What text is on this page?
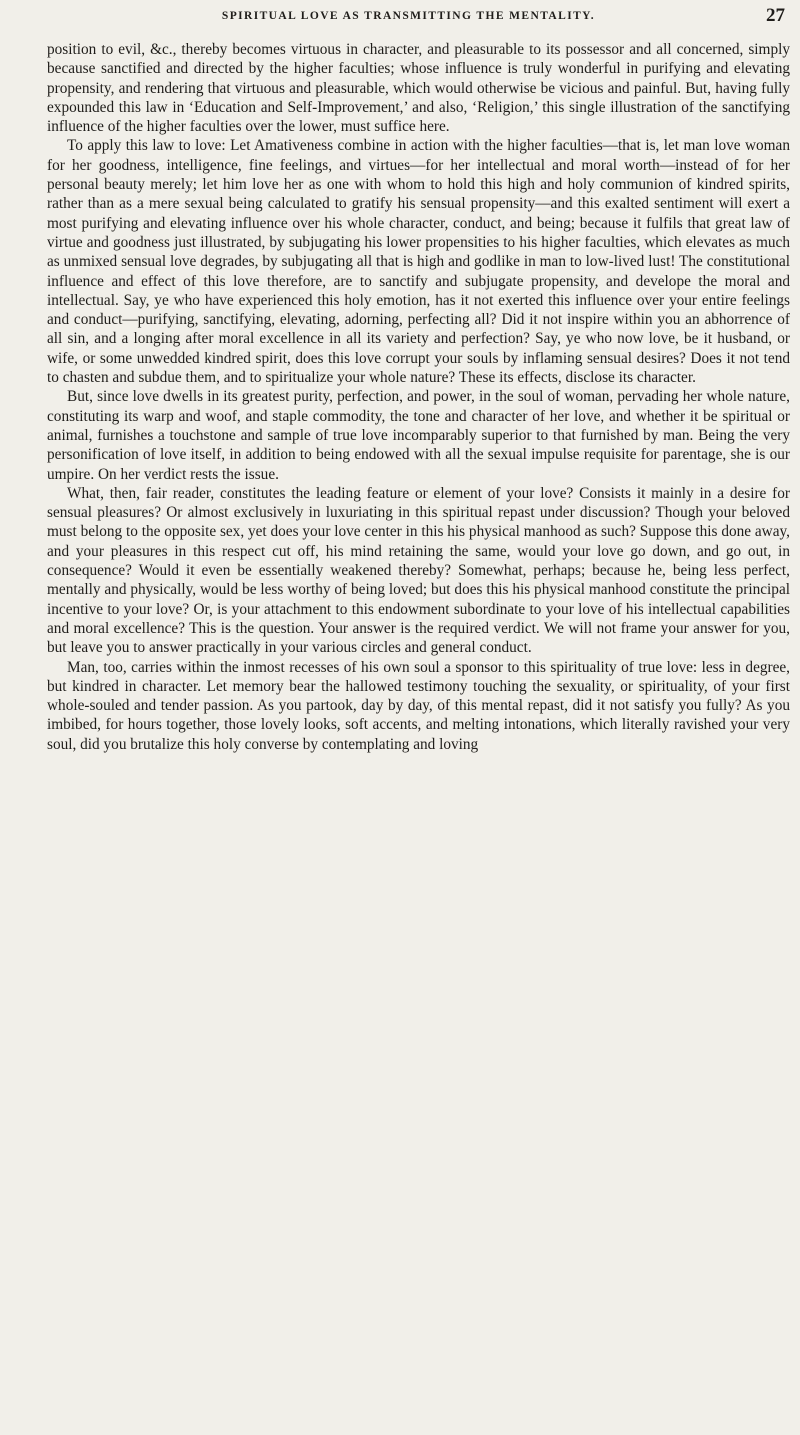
SPIRITUAL LOVE AS TRANSMITTING THE MENTALITY.	27

position to evil, &c., thereby becomes virtuous in character, and pleasurable to its possessor and all concerned, simply because sanctified and directed by the higher faculties; whose influence is truly wonderful in purifying and elevating propensity, and rendering that virtuous and pleasurable, which would otherwise be vicious and painful. But, having fully expounded this law in ‘Education and Self-Improvement,’ and also, ‘Religion,’ this single illustration of the sanctifying influence of the higher faculties over the lower, must suffice here.

To apply this law to love: Let Amativeness combine in action with the higher faculties—that is, let man love woman for her goodness, intelligence, fine feelings, and virtues—for her intellectual and moral worth—instead of for her personal beauty merely; let him love her as one with whom to hold this high and holy communion of kindred spirits, rather than as a mere sexual being calculated to gratify his sensual propensity—and this exalted sentiment will exert a most purifying and elevating influence over his whole character, conduct, and being; because it fulfils that great law of virtue and goodness just illustrated, by subjugating his lower propensities to his higher faculties, which elevates as much as unmixed sensual love degrades, by subjugating all that is high and godlike in man to low-lived lust! The constitutional influence and effect of this love therefore, are to sanctify and subjugate propensity, and develope the moral and intellectual. Say, ye who have experienced this holy emotion, has it not exerted this influence over your entire feelings and conduct—purifying, sanctifying, elevating, adorning, perfecting all? Did it not inspire within you an abhorrence of all sin, and a longing after moral excellence in all its variety and perfection? Say, ye who now love, be it husband, or wife, or some unwedded kindred spirit, does this love corrupt your souls by inflaming sensual desires? Does it not tend to chasten and subdue them, and to spiritualize your whole nature? These its effects, disclose its character.

But, since love dwells in its greatest purity, perfection, and power, in the soul of woman, pervading her whole nature, constituting its warp and woof, and staple commodity, the tone and character of her love, and whether it be spiritual or animal, furnishes a touchstone and sample of true love incomparably superior to that furnished by man. Being the very personification of love itself, in addition to being endowed with all the sexual impulse requisite for parentage, she is our umpire. On her verdict rests the issue.

What, then, fair reader, constitutes the leading feature or element of your love? Consists it mainly in a desire for sensual pleasures? Or almost exclusively in luxuriating in this spiritual repast under discussion? Though your beloved must belong to the opposite sex, yet does your love center in this his physical manhood as such? Suppose this done away, and your pleasures in this respect cut off, his mind retaining the same, would your love go down, and go out, in consequence? Would it even be essentially weakened thereby? Somewhat, perhaps; because he, being less perfect, mentally and physically, would be less worthy of being loved; but does this his physical manhood constitute the principal incentive to your love? Or, is your attachment to this endowment subordinate to your love of his intellectual capabilities and moral excellence? This is the question. Your answer is the required verdict. We will not frame your answer for you, but leave you to answer practically in your various circles and general conduct.

Man, too, carries within the inmost recesses of his own soul a sponsor to this spirituality of true love: less in degree, but kindred in character. Let memory bear the hallowed testimony touching the sexuality, or spirituality, of your first whole-souled and tender passion. As you partook, day by day, of this mental repast, did it not satisfy you fully? As you imbibed, for hours together, those lovely looks, soft accents, and melting intonations, which literally ravished your very soul, did you brutalize this holy converse by contemplating and loving
